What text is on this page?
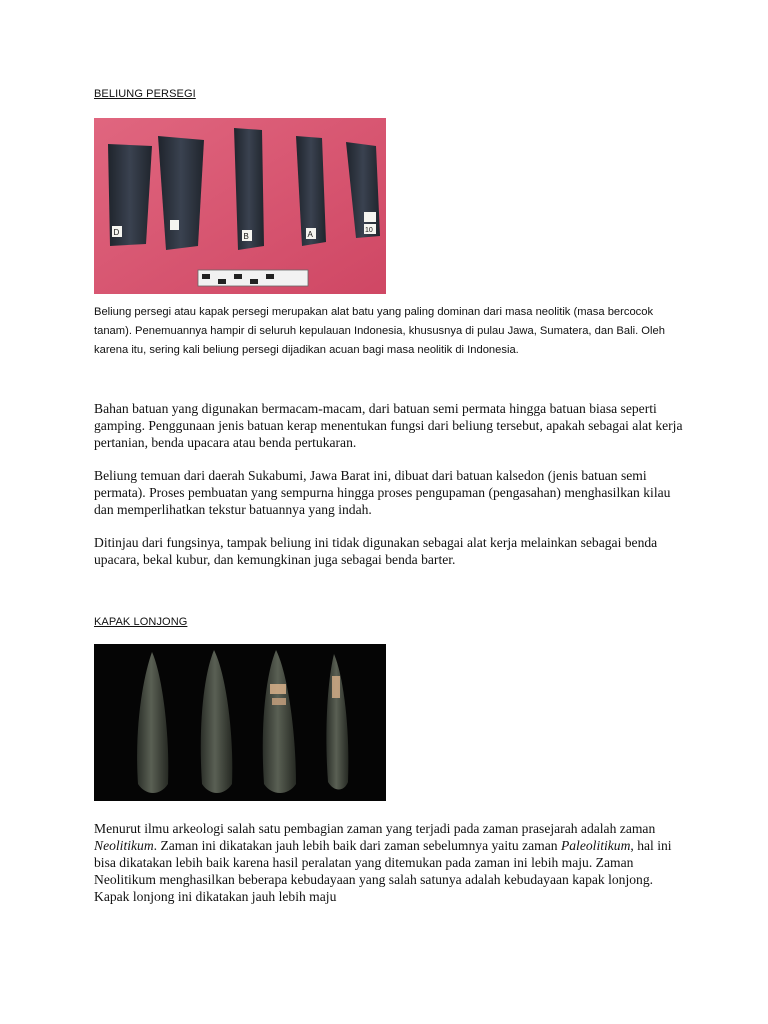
BELIUNG PERSEGI
D	B	A	10
Beliung persegi atau kapak persegi merupakan alat batu yang paling dominan dari masa neolitik (masa bercocok tanam). Penemuannya hampir di seluruh kepulauan Indonesia, khususnya di pulau Jawa, Sumatera, dan Bali. Oleh karena itu, sering kali beliung persegi dijadikan acuan bagi masa neolitik di Indonesia.
Bahan batuan yang digunakan bermacam-macam, dari batuan semi permata hingga batuan biasa seperti gamping. Penggunaan jenis batuan kerap menentukan fungsi dari beliung tersebut, apakah sebagai alat kerja pertanian, benda upacara atau benda pertukaran.
Beliung temuan dari daerah Sukabumi, Jawa Barat ini, dibuat dari batuan kalsedon (jenis batuan semi permata). Proses pembuatan yang sempurna hingga proses pengupaman (pengasahan) menghasilkan kilau dan memperlihatkan tekstur batuannya yang indah.
Ditinjau dari fungsinya, tampak beliung ini tidak digunakan sebagai alat kerja melainkan sebagai benda upacara, bekal kubur, dan kemungkinan juga sebagai benda barter.
KAPAK LONJONG
Menurut ilmu arkeologi salah satu pembagian zaman yang terjadi pada zaman prasejarah adalah zaman Neolitikum. Zaman ini dikatakan jauh lebih baik dari zaman sebelumnya yaitu zaman Paleolitikum, hal ini bisa dikatakan lebih baik karena hasil peralatan yang ditemukan pada zaman ini lebih maju. Zaman Neolitikum menghasilkan beberapa kebudayaan yang salah satunya adalah kebudayaan kapak lonjong. Kapak lonjong ini dikatakan jauh lebih maju
